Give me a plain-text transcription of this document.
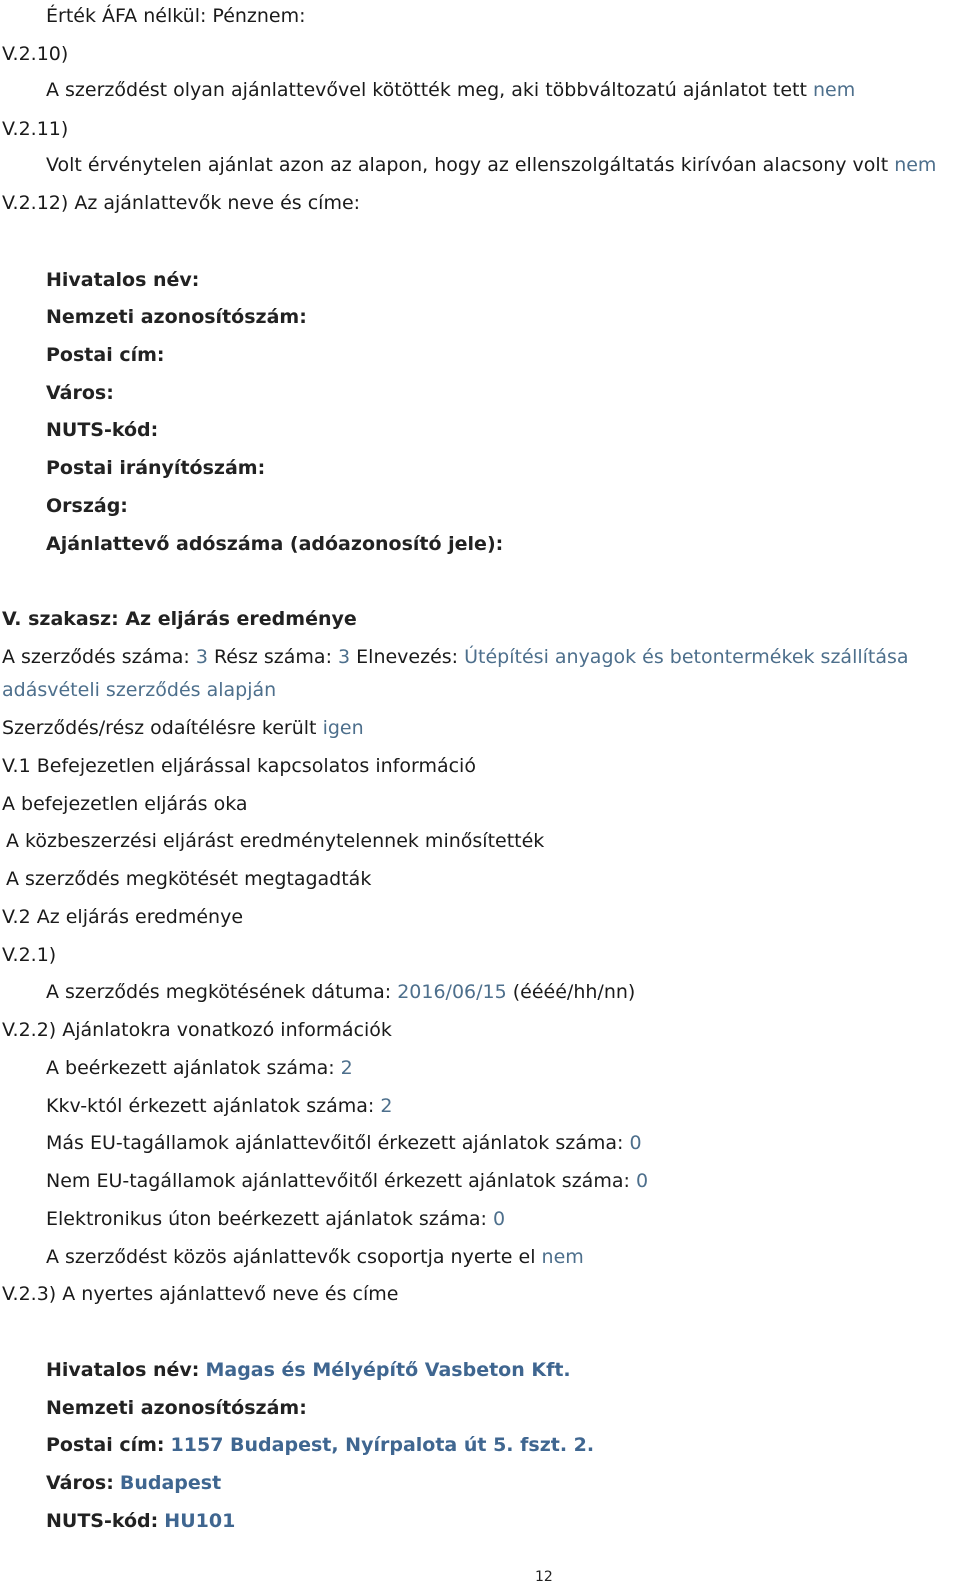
Érték ÁFA nélkül: Pénznem:
V.2.10)
A szerződést olyan ajánlattevővel kötötték meg, aki többváltozatú ajánlatot tett nem
V.2.11)
Volt érvénytelen ajánlat azon az alapon, hogy az ellenszolgáltatás kirívóan alacsony volt nem
V.2.12) Az ajánlattevők neve és címe:
Hivatalos név:
Nemzeti azonosítószám:
Postai cím:
Város:
NUTS-kód:
Postai irányítószám:
Ország:
Ajánlattevő adószáma (adóazonosító jele):
V. szakasz: Az eljárás eredménye
A szerződés száma: 3 Rész száma: 3 Elnevezés: Útépítési anyagok és betontermékek szállítása
adásvételi szerződés alapján
Szerződés/rész odaítélésre került igen
V.1 Befejezetlen eljárással kapcsolatos információ
A befejezetlen eljárás oka
A közbeszerzési eljárást eredménytelennek minősítették
A szerződés megkötését megtagadták
V.2 Az eljárás eredménye
V.2.1)
A szerződés megkötésének dátuma: 2016/06/15 (éééé/hh/nn)
V.2.2) Ajánlatokra vonatkozó információk
A beérkezett ajánlatok száma: 2
Kkv-któl érkezett ajánlatok száma: 2
Más EU-tagállamok ajánlattevőitől érkezett ajánlatok száma: 0
Nem EU-tagállamok ajánlattevőitől érkezett ajánlatok száma: 0
Elektronikus úton beérkezett ajánlatok száma: 0
A szerződést közös ajánlattevők csoportja nyerte el nem
V.2.3) A nyertes ajánlattevő neve és címe
Hivatalos név: Magas és Mélyépítő Vasbeton Kft.
Nemzeti azonosítószám:
Postai cím: 1157 Budapest, Nyírpalota út 5. fszt. 2.
Város: Budapest
NUTS-kód: HU101
12
